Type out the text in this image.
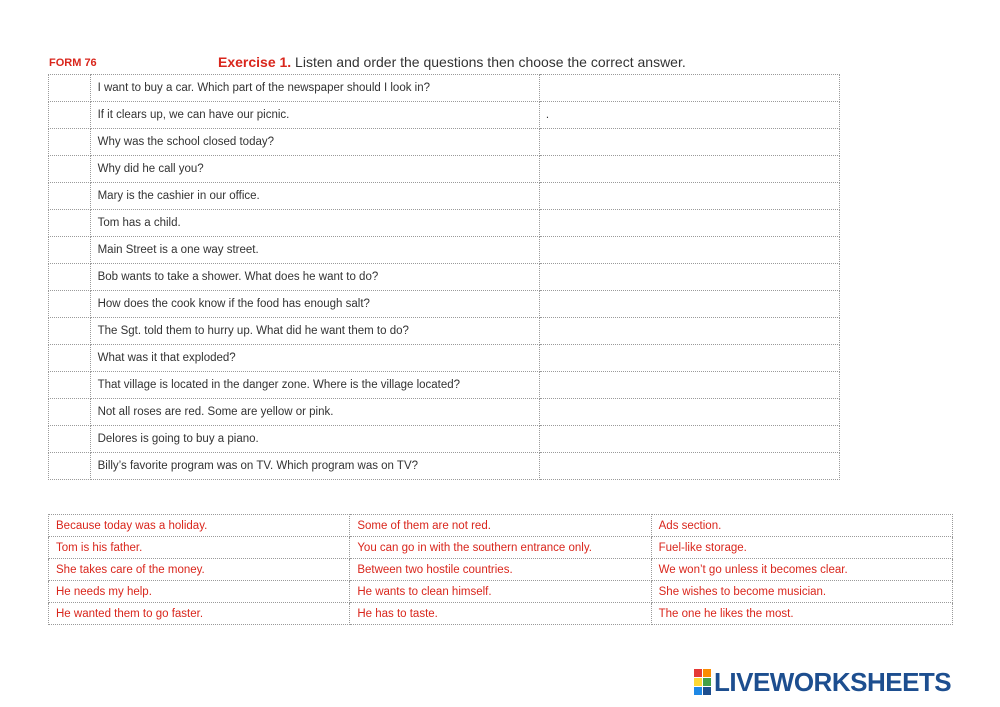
FORM 76	Exercise 1. Listen and order the questions then choose the correct answer.
	I want to buy a car. Which part of the newspaper should I look in?	
	If it clears up, we can have our picnic.	.
	Why was the school closed today?	
	Why did he call you?	
	Mary is the cashier in our office.	
	Tom has a child.	
	Main Street is a one way street.	
	Bob wants to take a shower. What does he want to do?	
	How does the cook know if the food has enough salt?	
	The Sgt. told them to hurry up. What did he want them to do?	
	What was it that exploded?	
	That village is located in the danger zone. Where is the village located?	
	Not all roses are red. Some are yellow or pink.	
	Delores is going to buy a piano.	
	Billy’s favorite program was on TV. Which program was on TV?	
Because today was a holiday.	Some of them are not red.	Ads section.
Tom is his father.	You can go in with the southern entrance only.	Fuel-like storage.
She takes care of the money.	Between two hostile countries.	We won’t go unless it becomes clear.
He needs my help.	He wants to clean himself.	She wishes to become musician.
He wanted them to go faster.	He has to taste.	The one he likes the most.
LIVEWORKSHEETS
